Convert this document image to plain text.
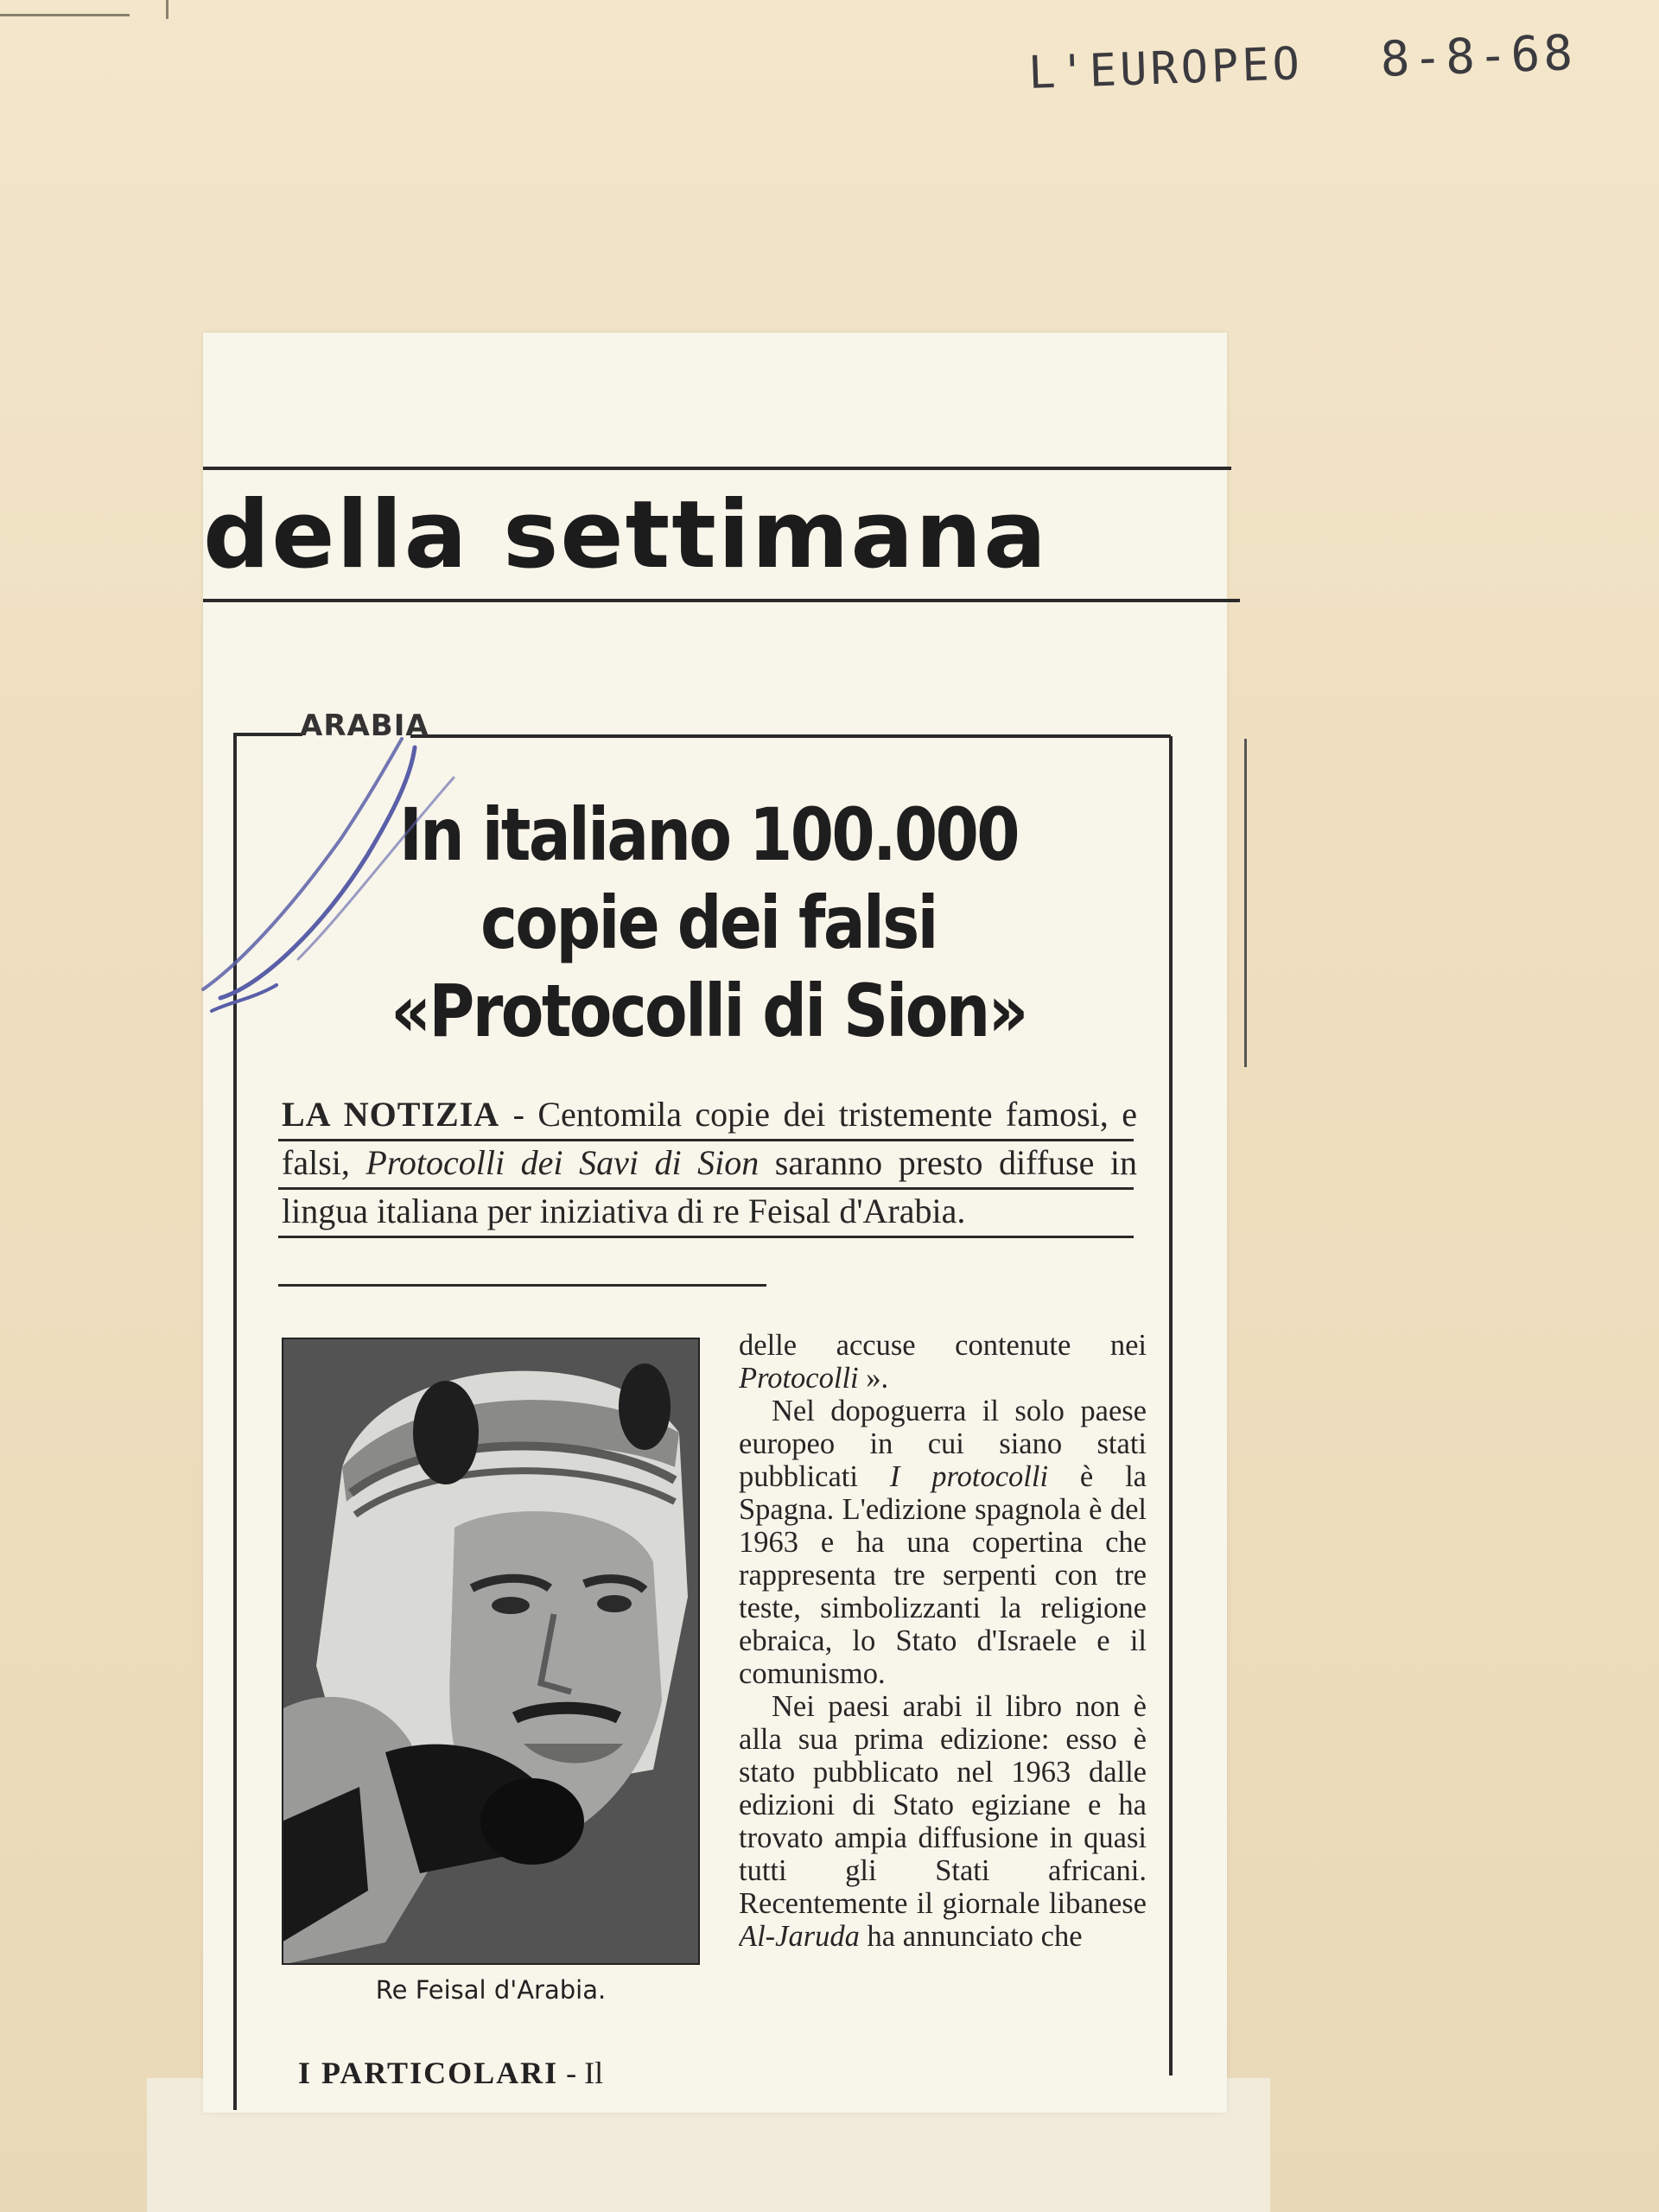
L'EUROPEO 8-8-68
della settimana
ARABIA
In italiano 100.000
copie dei falsi
«Protocolli di Sion»
LA NOTIZIA - Centomila copie dei tristemente famosi, e falsi, Protocolli dei Savi di Sion saranno presto diffuse in lingua italiana per iniziativa di re Feisal d'Arabia.
Re Feisal d'Arabia.
I PARTICOLARI - Il

delle accuse contenute nei Protocolli ».

Nel dopoguerra il solo paese europeo in cui siano stati pubblicati I protocolli è la Spagna. L'edizione spagnola è del 1963 e ha una copertina che rappresenta tre serpenti con tre teste, simbolizzanti la religione ebraica, lo Stato d'Israele e il comunismo.

Nei paesi arabi il libro non è alla sua prima edizione: esso è stato pubblicato nel 1963 dalle edizioni di Stato egiziane e ha trovato ampia diffusione in quasi tutti gli Stati africani. Recentemente il giornale libanese Al-Jaruda ha annunciato che
